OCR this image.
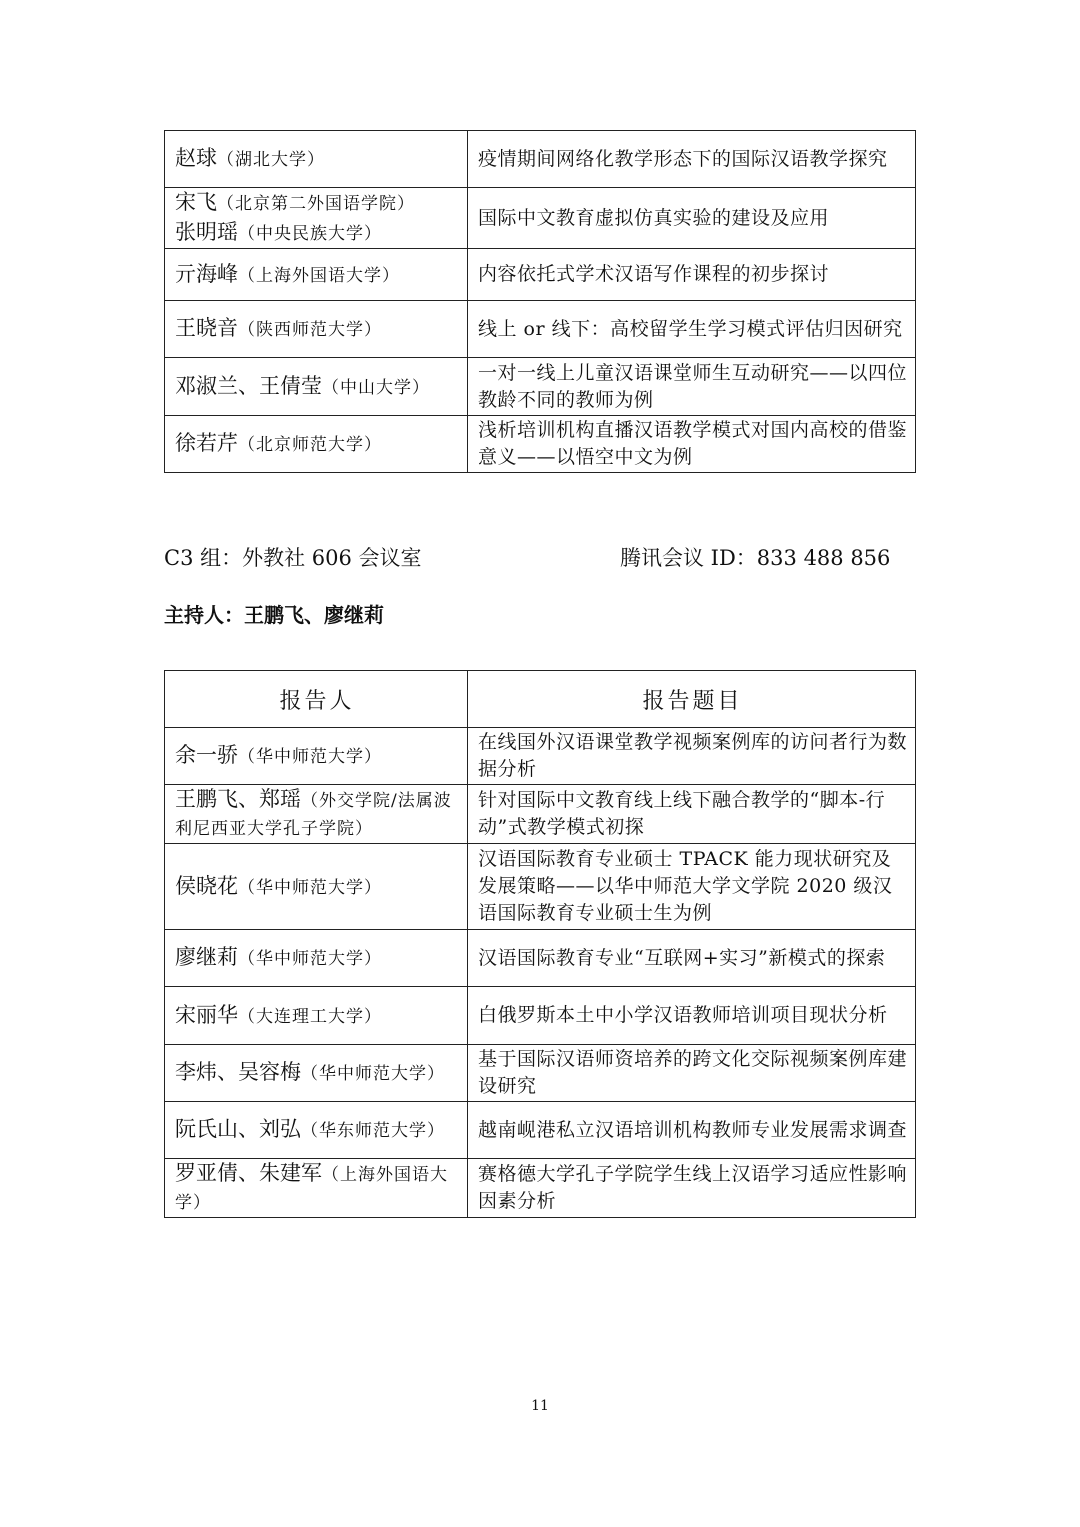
赵球（湖北大学）	疫情期间网络化教学形态下的国际汉语教学探究

宋飞（北京第二外国语学院）
张明瑶（中央民族大学）	国际中文教育虚拟仿真实验的建设及应用
亓海峰（上海外国语大学）	内容依托式学术汉语写作课程的初步探讨
王晓音（陕西师范大学）	线上 or 线下：高校留学生学习模式评估归因研究
邓淑兰、王倩莹（中山大学）	一对一线上儿童汉语课堂师生互动研究——以四位教龄不同的教师为例
徐若芹（北京师范大学）	浅析培训机构直播汉语教学模式对国内高校的借鉴意义——以悟空中文为例
C3 组：外教社 606 会议室	腾讯会议 ID：833 488 856
主持人：王鹏飞、廖继莉
报告人	报告题目
余一骄（华中师范大学）	在线国外汉语课堂教学视频案例库的访问者行为数据分析
王鹏飞、郑瑶（外交学院/法属波利尼西亚大学孔子学院）	针对国际中文教育线上线下融合教学的“脚本-行动”式教学模式初探
侯晓花（华中师范大学）	汉语国际教育专业硕士 TPACK 能力现状研究及发展策略——以华中师范大学文学院 2020 级汉语国际教育专业硕士生为例
廖继莉（华中师范大学）	汉语国际教育专业“互联网+实习”新模式的探索
宋丽华（大连理工大学）	白俄罗斯本土中小学汉语教师培训项目现状分析
李炜、吴容梅（华中师范大学）	基于国际汉语师资培养的跨文化交际视频案例库建设研究
阮氏山、刘弘（华东师范大学）	越南岘港私立汉语培训机构教师专业发展需求调查
罗亚倩、朱建军（上海外国语大学）	赛格德大学孔子学院学生线上汉语学习适应性影响因素分析
11
